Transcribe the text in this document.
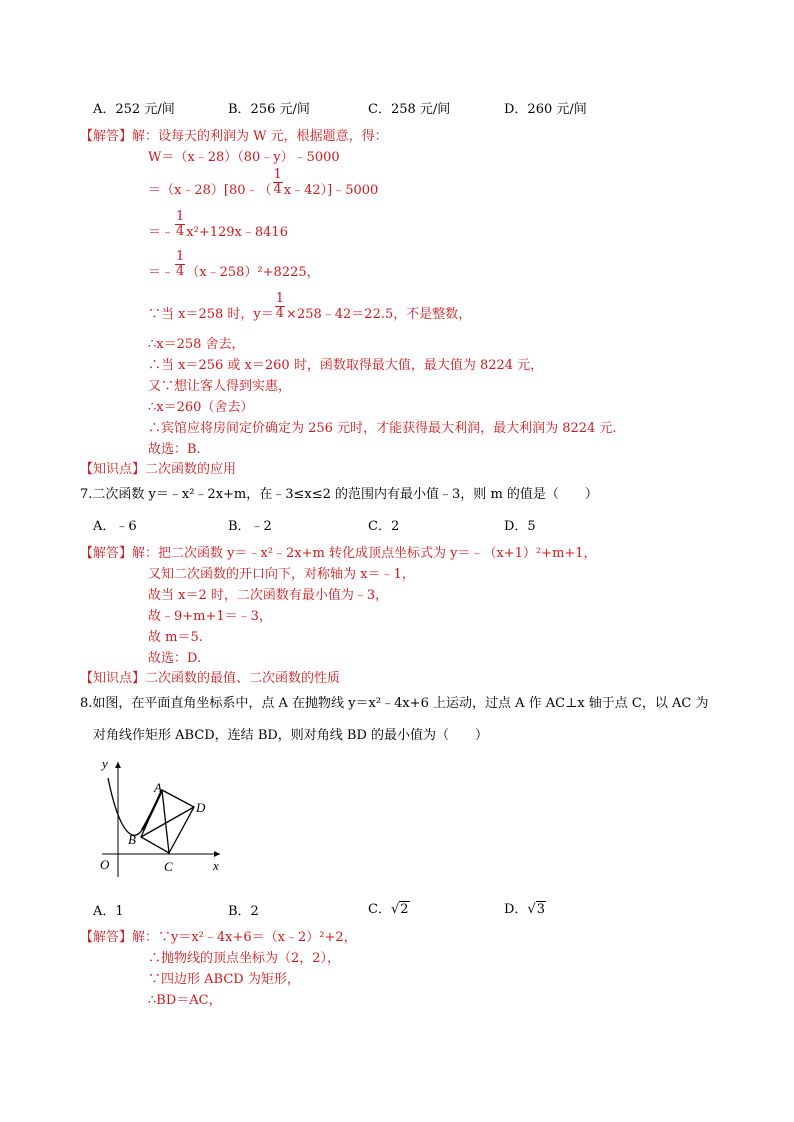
A．252 元/间	B．256 元/间	C．258 元/间	D．260 元/间
【解答】解：设每天的利润为 W 元，根据题意，得：
W＝（x﹣28）（80﹣y）﹣5000
＝（x﹣28）[80﹣（ $\frac{1}{4}$ x﹣42）]﹣5000
＝﹣ $\frac{1}{4}$ x²+129x﹣8416
＝﹣ $\frac{1}{4}$ （x﹣258）²+8225，
∵当 x＝258 时，$y= \frac{1}{4}$ ×258﹣42＝22.5，不是整数，
∴x＝258 舍去，
∴当 x＝256 或 x＝260 时，函数取得最大值，最大值为 8224 元，
又∵想让客人得到实惠，
∴x＝260（舍去）
∴宾馆应将房间定价确定为 256 元时，才能获得最大利润，最大利润为 8224 元.
故选：B.
【知识点】二次函数的应用
7.二次函数 y＝﹣x²﹣2x+m，在﹣3≤x≤2 的范围内有最小值﹣3，则 m 的值是（　　）
A．﹣6	B．﹣2	C．2	D．5
【解答】解：把二次函数 y＝﹣x²﹣2x+m 转化成顶点坐标式为 y＝﹣（x+1）²+m+1，
又知二次函数的开口向下，对称轴为 x＝﹣1，
故当 x＝2 时，二次函数有最小值为﹣3，
故﹣9+m+1＝﹣3，
故 m＝5.
故选：D.
【知识点】二次函数的最值、二次函数的性质
8.如图，在平面直角坐标系中，点 A 在抛物线 y＝x²﹣4x+6 上运动，过点 A 作 AC⊥x 轴于点 C，以 AC 为
对角线作矩形 ABCD，连结 BD，则对角线 BD 的最小值为（　　）
y
x
O
A
B
C
D
A．1	B．2	C．√2	D．√3
【解答】解：∵y＝x²﹣4x+6＝（x﹣2）²+2，
∴抛物线的顶点坐标为（2，2），
∵四边形 ABCD 为矩形，
∴BD＝AC，
